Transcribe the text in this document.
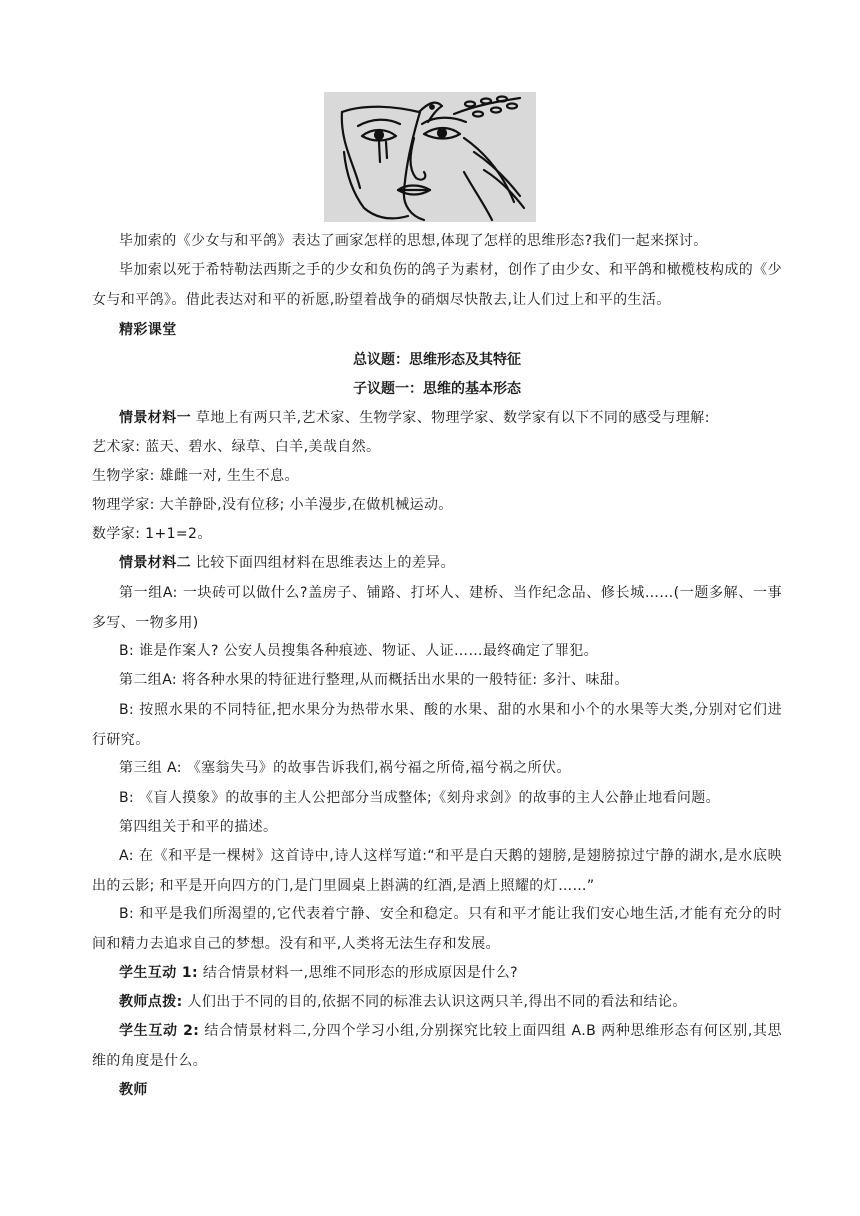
毕加索的《少女与和平鸽》表达了画家怎样的思想,体现了怎样的思维形态?我们一起来探讨。
毕加索以死于希特勒法西斯之手的少女和负伤的鸽子为素材，创作了由少女、和平鸽和橄榄枝构成的《少女与和平鸽》。借此表达对和平的祈愿,盼望着战争的硝烟尽快散去,让人们过上和平的生活。
精彩课堂
总议题：思维形态及其特征
子议题一：思维的基本形态
情景材料一 草地上有两只羊,艺术家、生物学家、物理学家、数学家有以下不同的感受与理解:
艺术家: 蓝天、碧水、绿草、白羊,美哉自然。
生物学家: 雄雌一对, 生生不息。
物理学家: 大羊静卧,没有位移; 小羊漫步,在做机械运动。
数学家: 1+1=2。
情景材料二 比较下面四组材料在思维表达上的差异。
第一组A: 一块砖可以做什么?盖房子、铺路、打坏人、建桥、当作纪念品、修长城……(一题多解、一事多写、一物多用)
B: 谁是作案人? 公安人员搜集各种痕迹、物证、人证……最终确定了罪犯。
第二组A: 将各种水果的特征进行整理,从而概括出水果的一般特征: 多汁、味甜。
B: 按照水果的不同特征,把水果分为热带水果、酸的水果、甜的水果和小个的水果等大类,分别对它们进行研究。
第三组 A: 《塞翁失马》的故事告诉我们,祸兮福之所倚,福兮祸之所伏。
B: 《盲人摸象》的故事的主人公把部分当成整体;《刻舟求剑》的故事的主人公静止地看问题。
第四组关于和平的描述。
A: 在《和平是一棵树》这首诗中,诗人这样写道:“和平是白天鹅的翅膀,是翅膀掠过宁静的湖水,是水底映出的云影; 和平是开向四方的门,是门里圆桌上斟满的红酒,是酒上照耀的灯……”
B: 和平是我们所渴望的,它代表着宁静、安全和稳定。只有和平才能让我们安心地生活,才能有充分的时间和精力去追求自己的梦想。没有和平,人类将无法生存和发展。
学生互动 1: 结合情景材料一,思维不同形态的形成原因是什么?
教师点拨: 人们出于不同的目的,依据不同的标准去认识这两只羊,得出不同的看法和结论。
学生互动 2: 结合情景材料二,分四个学习小组,分别探究比较上面四组 A.B 两种思维形态有何区别,其思维的角度是什么。
教师
